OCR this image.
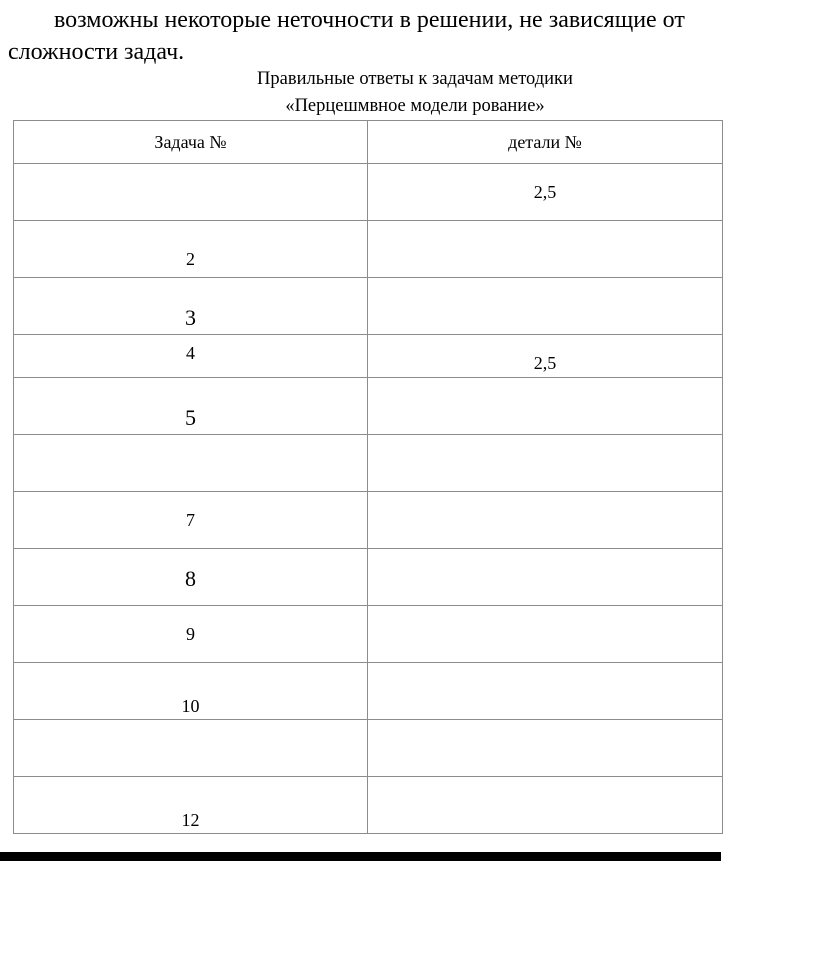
возможны некоторые неточности в решении, не зависящие от
сложности задач.
Правильные ответы к задачам методики
«Перцешмвное модели рование»
Задача №	детали №

	2,5

2	

3	

4	2,5

5	

7	

8	

9	

10	

12	
